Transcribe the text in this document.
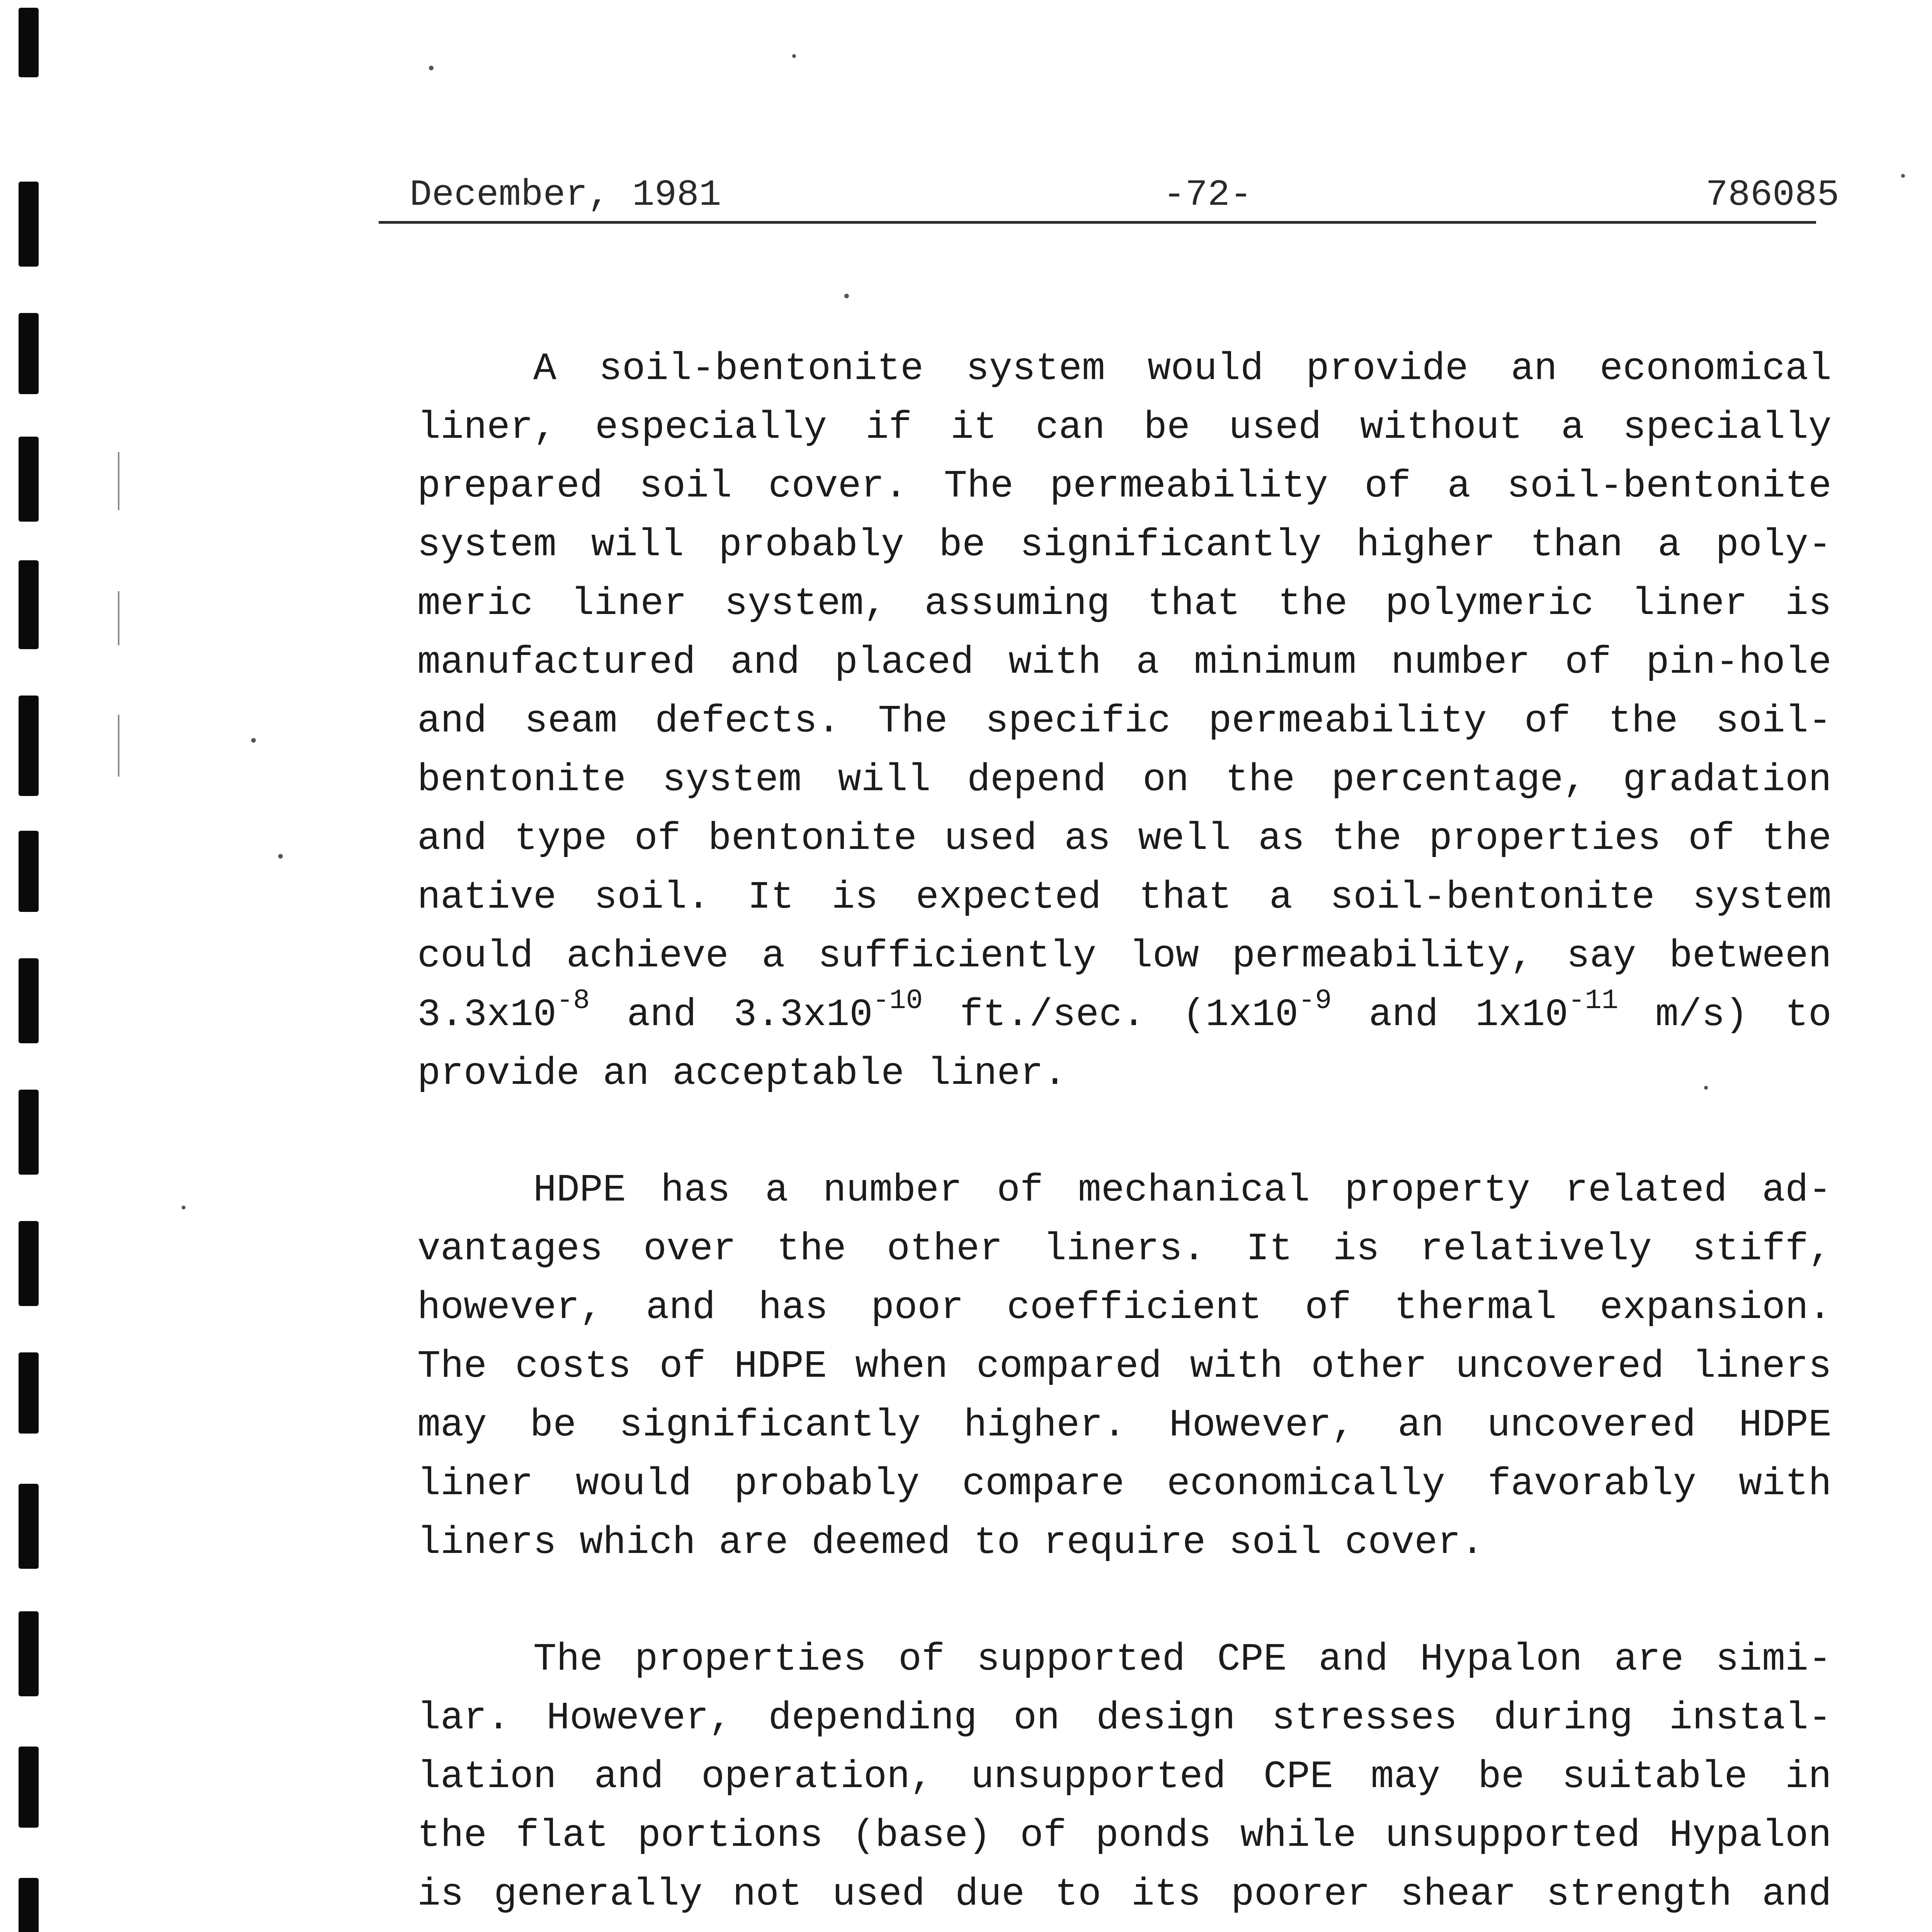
December, 1981	-72-	786085
A soil-bentonite system would provide an economical
liner, especially if it can be used without a specially
prepared soil cover. The permeability of a soil-bentonite
system will probably be significantly higher than a poly-
meric liner system, assuming that the polymeric liner is
manufactured and placed with a minimum number of pin-hole
and seam defects. The specific permeability of the soil-
bentonite system will depend on the percentage, gradation
and type of bentonite used as well as the properties of the
native soil. It is expected that a soil-bentonite system
could achieve a sufficiently low permeability, say between
$3.3x10^{-8}$ and $3.3x10^{-10}$ ft./sec. ($1x10^{-9}$ and $1x10^{-11}$ m/s) to
provide an acceptable liner.
HDPE has a number of mechanical property related ad-
vantages over the other liners. It is relatively stiff,
however, and has poor coefficient of thermal expansion.
The costs of HDPE when compared with other uncovered liners
may be significantly higher. However, an uncovered HDPE
liner would probably compare economically favorably with
liners which are deemed to require soil cover.
The properties of supported CPE and Hypalon are simi-
lar. However, depending on design stresses during instal-
lation and operation, unsupported CPE may be suitable in
the flat portions (base) of ponds while unsupported Hypalon
is generally not used due to its poorer shear strength and
